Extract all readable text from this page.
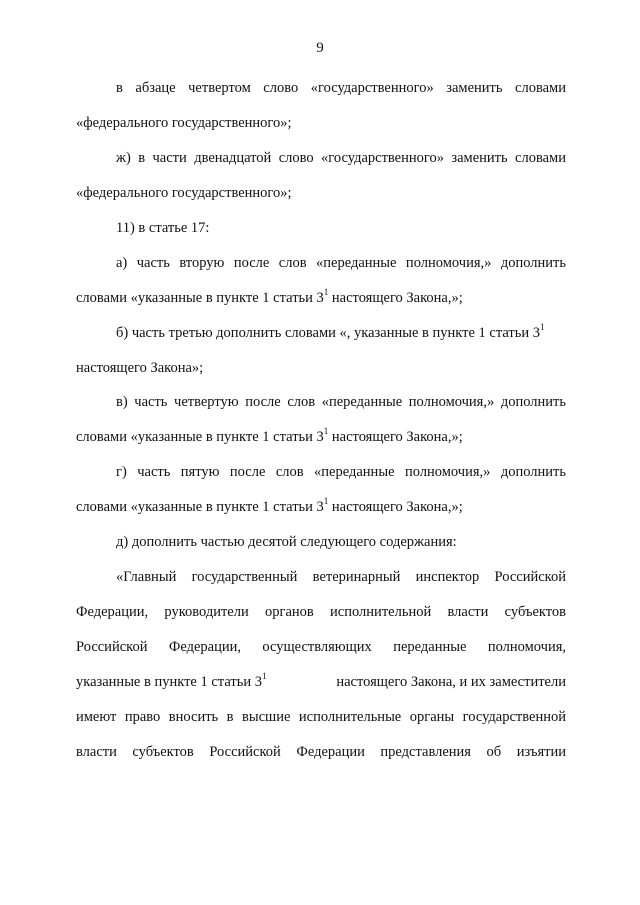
9
в абзаце четвертом слово «государственного» заменить словами
«федерального государственного»;
ж) в части двенадцатой слово «государственного» заменить словами
«федерального государственного»;
11) в статье 17:
а) часть вторую после слов «переданные полномочия,» дополнить
словами «указанные в пункте 1 статьи $3^1$ настоящего Закона,»;
б) часть третью дополнить словами «, указанные в пункте 1 статьи $3^1$
настоящего Закона»;
в) часть четвертую после слов «переданные полномочия,» дополнить
словами «указанные в пункте 1 статьи $3^1$ настоящего Закона,»;
г) часть пятую после слов «переданные полномочия,» дополнить
словами «указанные в пункте 1 статьи $3^1$ настоящего Закона,»;
д) дополнить частью десятой следующего содержания:
«Главный государственный ветеринарный инспектор Российской
Федерации, руководители органов исполнительной власти субъектов
Российской Федерации, осуществляющих переданные полномочия,
указанные в пункте 1 статьи $3^1$	настоящего Закона, и их заместители
имеют право вносить в высшие исполнительные органы государственной
власти субъектов Российской Федерации представления об изъятии
